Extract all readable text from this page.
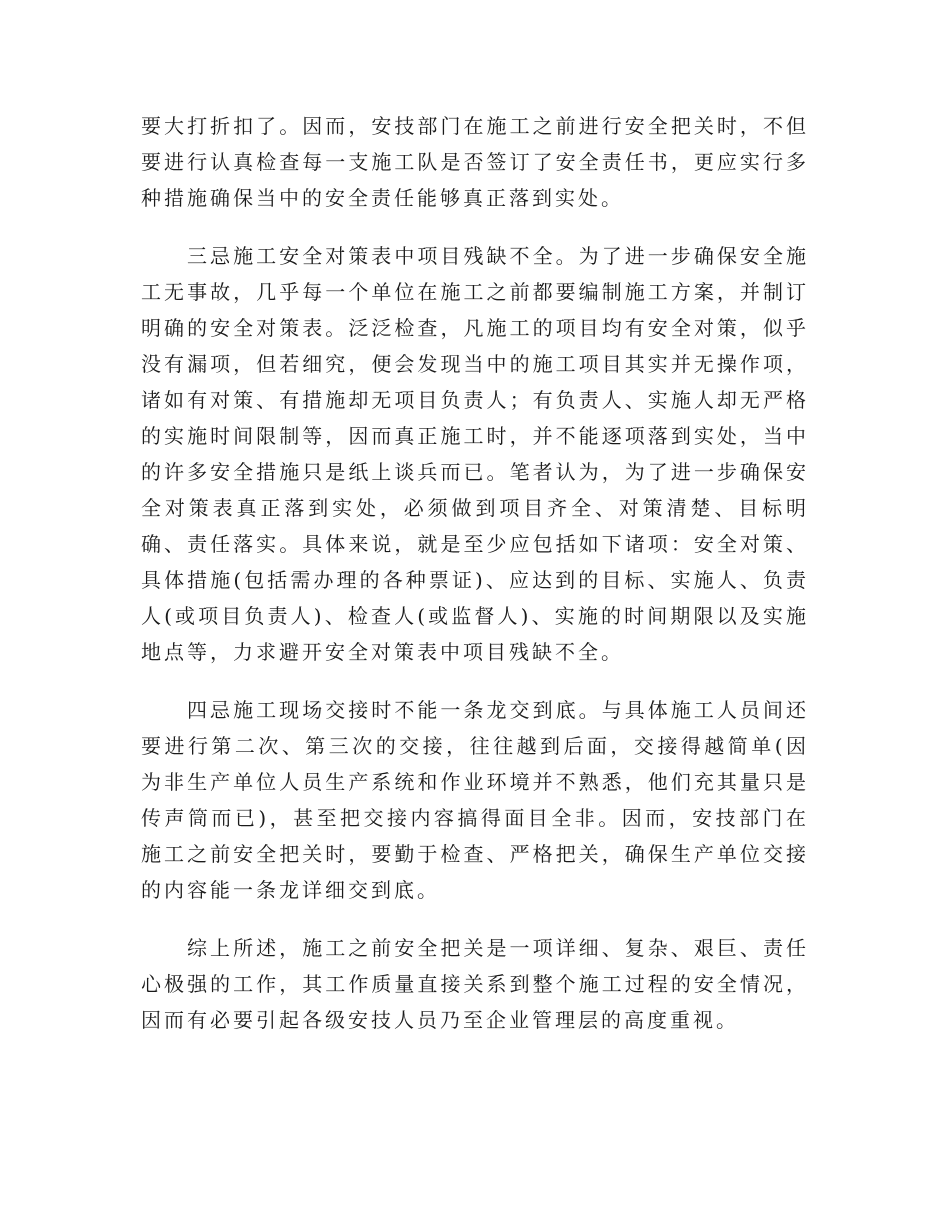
要大打折扣了。因而，安技部门在施工之前进行安全把关时，不但要进行认真检查每一支施工队是否签订了安全责任书，更应实行多种措施确保当中的安全责任能够真正落到实处。

三忌施工安全对策表中项目残缺不全。为了进一步确保安全施工无事故，几乎每一个单位在施工之前都要编制施工方案，并制订明确的安全对策表。泛泛检查，凡施工的项目均有安全对策，似乎没有漏项，但若细究，便会发现当中的施工项目其实并无操作项，诸如有对策、有措施却无项目负责人；有负责人、实施人却无严格的实施时间限制等，因而真正施工时，并不能逐项落到实处，当中的许多安全措施只是纸上谈兵而已。笔者认为，为了进一步确保安全对策表真正落到实处，必须做到项目齐全、对策清楚、目标明确、责任落实。具体来说，就是至少应包括如下诸项：安全对策、具体措施(包括需办理的各种票证)、应达到的目标、实施人、负责人(或项目负责人)、检查人(或监督人)、实施的时间期限以及实施地点等，力求避开安全对策表中项目残缺不全。

四忌施工现场交接时不能一条龙交到底。与具体施工人员间还要进行第二次、第三次的交接，往往越到后面，交接得越简单(因为非生产单位人员生产系统和作业环境并不熟悉，他们充其量只是传声筒而已)，甚至把交接内容搞得面目全非。因而，安技部门在施工之前安全把关时，要勤于检查、严格把关，确保生产单位交接的内容能一条龙详细交到底。

综上所述，施工之前安全把关是一项详细、复杂、艰巨、责任心极强的工作，其工作质量直接关系到整个施工过程的安全情况，因而有必要引起各级安技人员乃至企业管理层的高度重视。
